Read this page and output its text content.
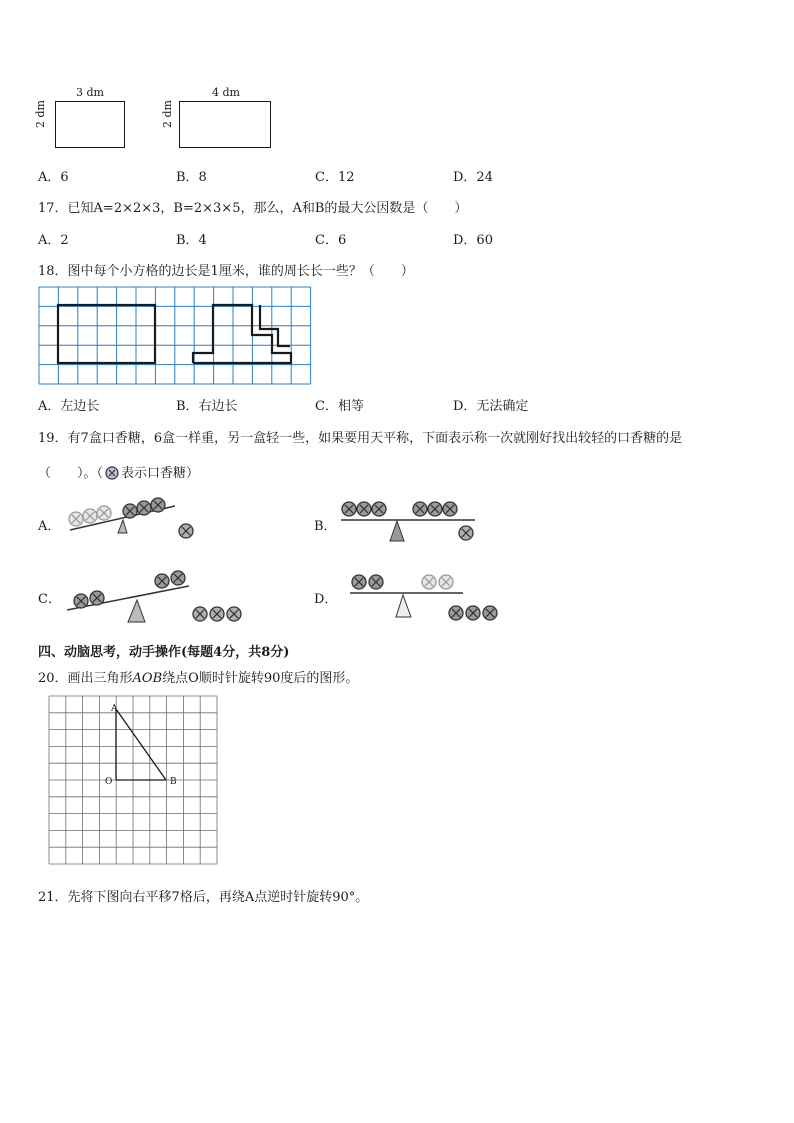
3 dm
2 dm
4 dm
2 dm
A．6	B．8	C．12	D．24
17．已知A=2×2×3，B=2×3×5，那么，A和B的最大公因数是（　　）
A．2	B．4	C．6	D．60
18．图中每个小方格的边长是1厘米，谁的周长长一些？（　　）
A．左边长	B．右边长	C．相等	D．无法确定
19．有7盒口香糖，6盒一样重，另一盒轻一些，如果要用天平称，下面表示称一次就刚好找出较轻的口香糖的是
（　　）。（ 表示口香糖）
A．	B．
C．	D．
四、动脑思考，动手操作(每题4分，共8分)
20．画出三角形AOB绕点O顺时针旋转90度后的图形。
A
O	B
21．先将下图向右平移7格后，再绕A点逆时针旋转90°。
